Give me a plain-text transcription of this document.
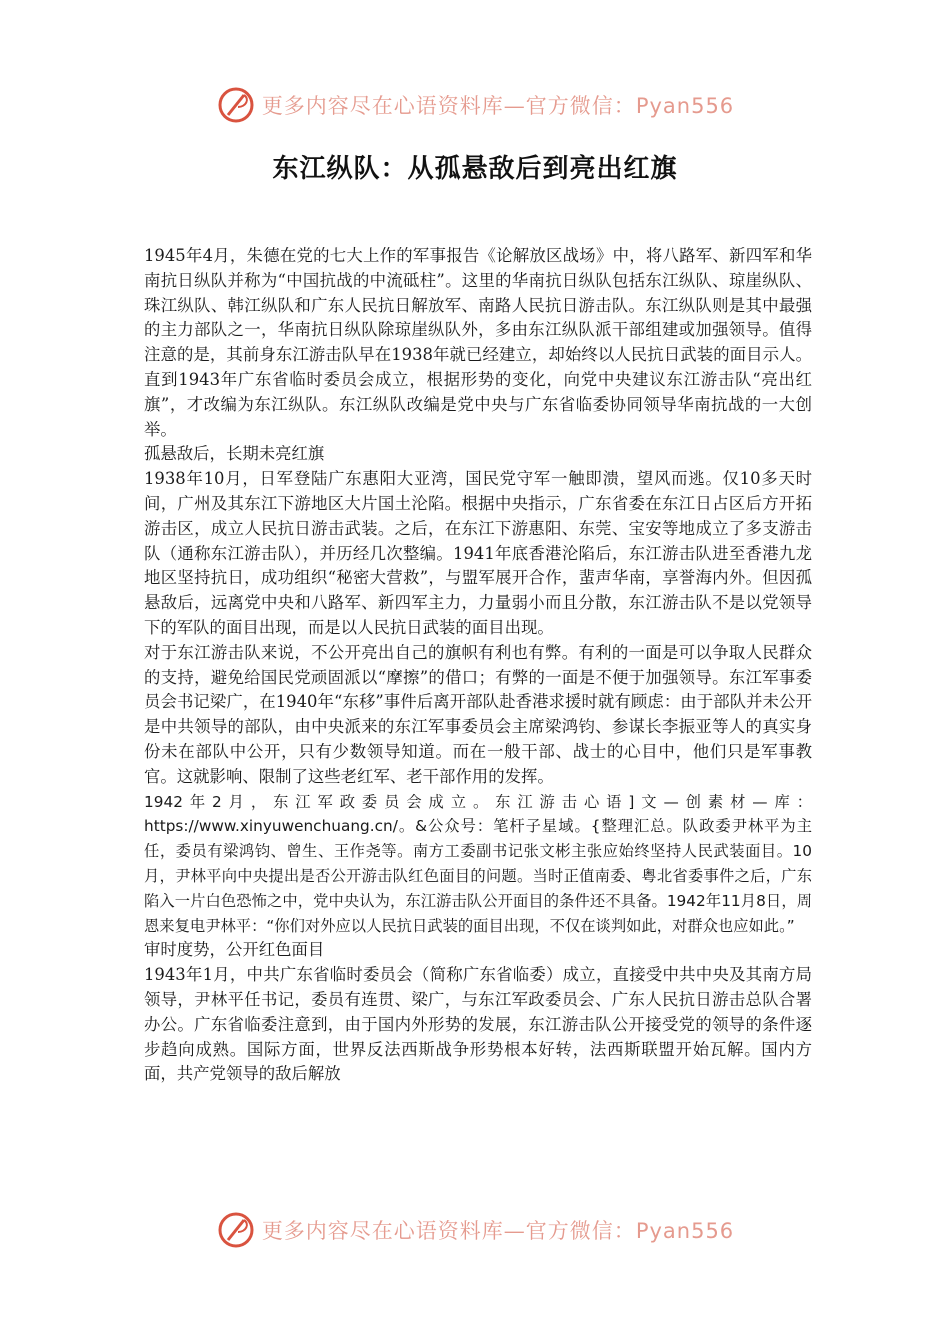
更多内容尽在心语资料库—官方微信：Pyan556
东江纵队：从孤悬敌后到亮出红旗

1945年4月，朱德在党的七大上作的军事报告《论解放区战场》中，将八路军、新四军和华南抗日纵队并称为“中国抗战的中流砥柱”。这里的华南抗日纵队包括东江纵队、琼崖纵队、珠江纵队、韩江纵队和广东人民抗日解放军、南路人民抗日游击队。东江纵队则是其中最强的主力部队之一，华南抗日纵队除琼崖纵队外，多由东江纵队派干部组建或加强领导。值得注意的是，其前身东江游击队早在1938年就已经建立，却始终以人民抗日武装的面目示人。直到1943年广东省临时委员会成立，根据形势的变化，向党中央建议东江游击队“亮出红旗”，才改编为东江纵队。东江纵队改编是党中央与广东省临委协同领导华南抗战的一大创举。

孤悬敌后，长期未亮红旗

1938年10月，日军登陆广东惠阳大亚湾，国民党守军一触即溃，望风而逃。仅10多天时间，广州及其东江下游地区大片国土沦陷。根据中央指示，广东省委在东江日占区后方开拓游击区，成立人民抗日游击武装。之后，在东江下游惠阳、东莞、宝安等地成立了多支游击队（通称东江游击队），并历经几次整编。1941年底香港沦陷后，东江游击队进至香港九龙地区坚持抗日，成功组织“秘密大营救”，与盟军展开合作，蜚声华南，享誉海内外。但因孤悬敌后，远离党中央和八路军、新四军主力，力量弱小而且分散，东江游击队不是以党领导下的军队的面目出现，而是以人民抗日武装的面目出现。

对于东江游击队来说，不公开亮出自己的旗帜有利也有弊。有利的一面是可以争取人民群众的支持，避免给国民党顽固派以“摩擦”的借口；有弊的一面是不便于加强领导。东江军事委员会书记梁广，在1940年“东移”事件后离开部队赴香港求援时就有顾虑：由于部队并未公开是中共领导的部队，由中央派来的东江军事委员会主席梁鸿钧、参谋长李振亚等人的真实身份未在部队中公开，只有少数领导知道。而在一般干部、战士的心目中，他们只是军事教官。这就影响、限制了这些老红军、老干部作用的发挥。

1942年2月，东江军政委员会成立。东江游击心语]文—创素材—库：https://www.xinyuwenchuang.cn/。&公众号：笔杆子星域。{整理汇总。队政委尹林平为主任，委员有梁鸿钧、曾生、王作尧等。南方工委副书记张文彬主张应始终坚持人民武装面目。10月，尹林平向中央提出是否公开游击队红色面目的问题。当时正值南委、粤北省委事件之后，广东陷入一片白色恐怖之中，党中央认为，东江游击队公开面目的条件还不具备。1942年11月8日，周恩来复电尹林平：“你们对外应以人民抗日武装的面目出现，不仅在谈判如此，对群众也应如此。”

审时度势，公开红色面目

1943年1月，中共广东省临时委员会（简称广东省临委）成立，直接受中共中央及其南方局领导，尹林平任书记，委员有连贯、梁广，与东江军政委员会、广东人民抗日游击总队合署办公。广东省临委注意到，由于国内外形势的发展，东江游击队公开接受党的领导的条件逐步趋向成熟。国际方面，世界反法西斯战争形势根本好转，法西斯联盟开始瓦解。国内方面，共产党领导的敌后解放

更多内容尽在心语资料库—官方微信：Pyan556
